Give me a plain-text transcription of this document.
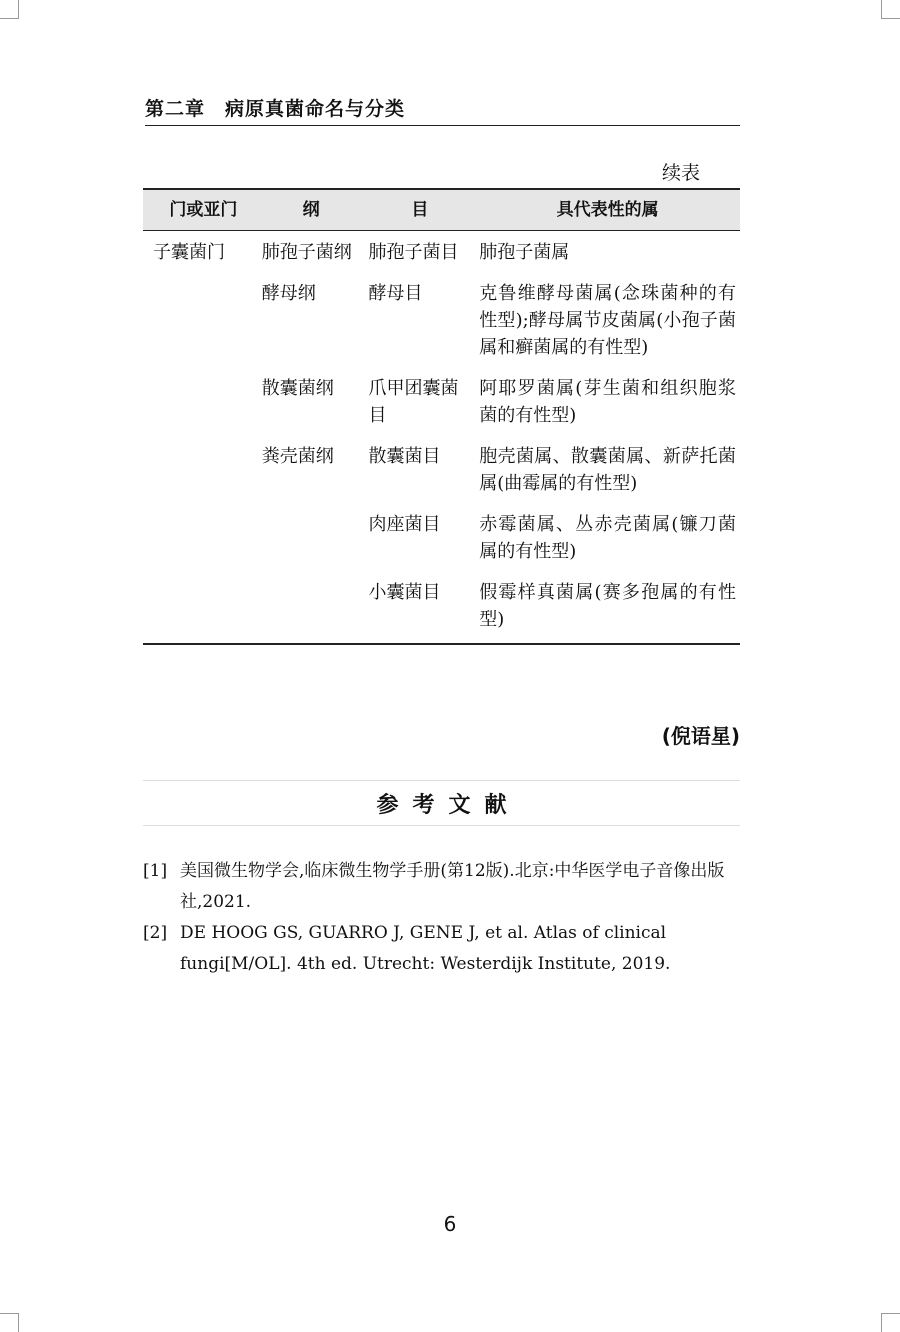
第二章　病原真菌命名与分类
续表
门或亚门	纲	目	具代表性的属
子囊菌门	肺孢子菌纲	肺孢子菌目	肺孢子菌属
	酵母纲	酵母目	克鲁维酵母菌属(念珠菌种的有性型);酵母属节皮菌属(小孢子菌属和癣菌属的有性型)
	散囊菌纲	爪甲团囊菌目	阿耶罗菌属(芽生菌和组织胞浆菌的有性型)
	粪壳菌纲	散囊菌目	胞壳菌属、散囊菌属、新萨托菌属(曲霉属的有性型)
		肉座菌目	赤霉菌属、丛赤壳菌属(镰刀菌属的有性型)
		小囊菌目	假霉样真菌属(赛多孢属的有性型)
(倪语星)
参考文献
[1] 美国微生物学会,临床微生物学手册(第12版).北京:中华医学电子音像出版社,2021.
[2] DE HOOG GS, GUARRO J, GENE J, et al. Atlas of clinical fungi[M/OL]. 4th ed. Utrecht: Westerdijk Institute, 2019.
6
